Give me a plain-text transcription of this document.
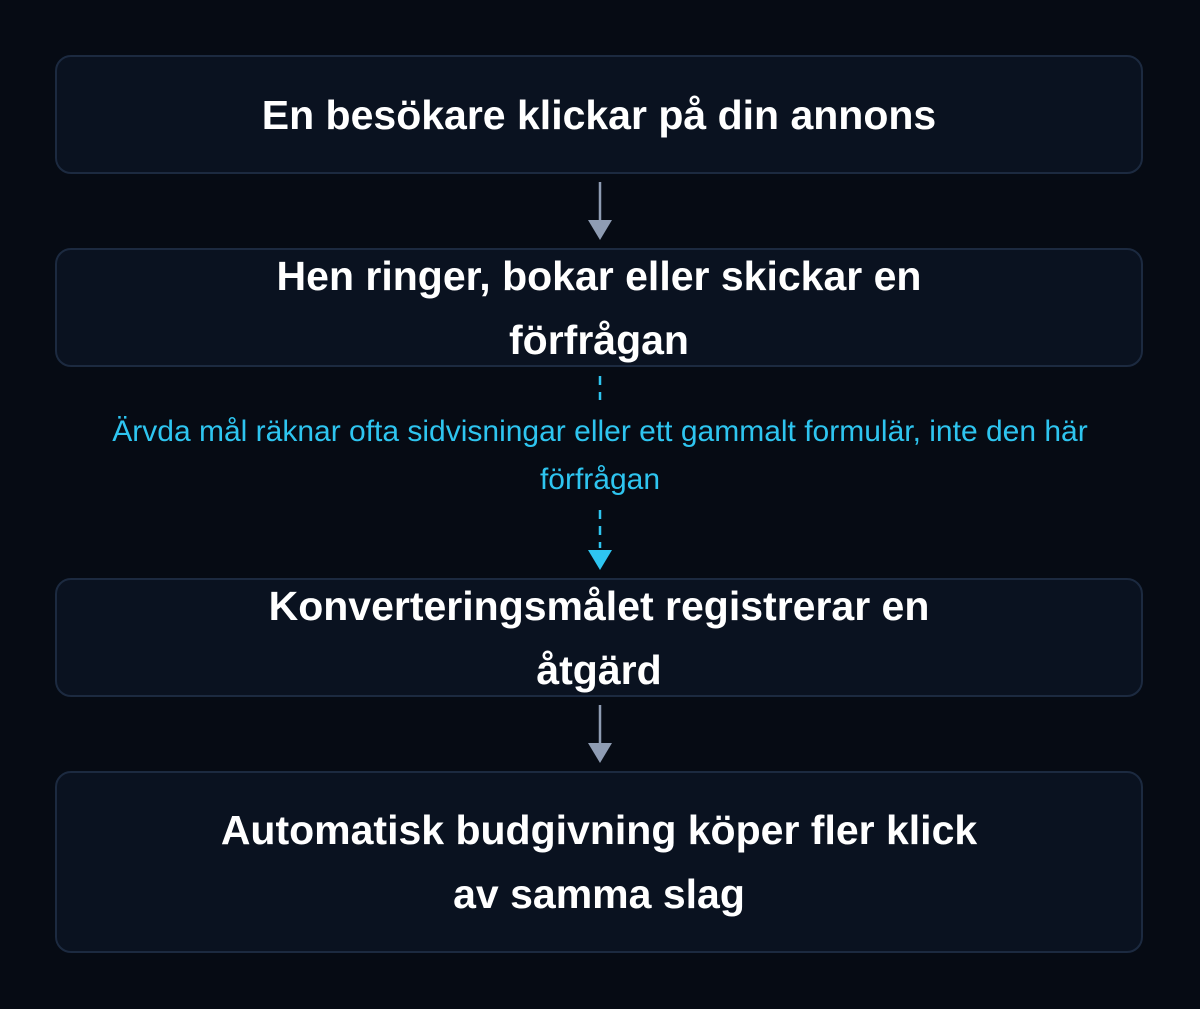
En besökare klickar på din annons
Hen ringer, bokar eller skickar en förfrågan
Konverteringsmålet registrerar en åtgärd
Automatisk budgivning köper fler klick av samma slag
Ärvda mål räknar ofta sidvisningar eller ett gammalt formulär, inte den här förfrågan
